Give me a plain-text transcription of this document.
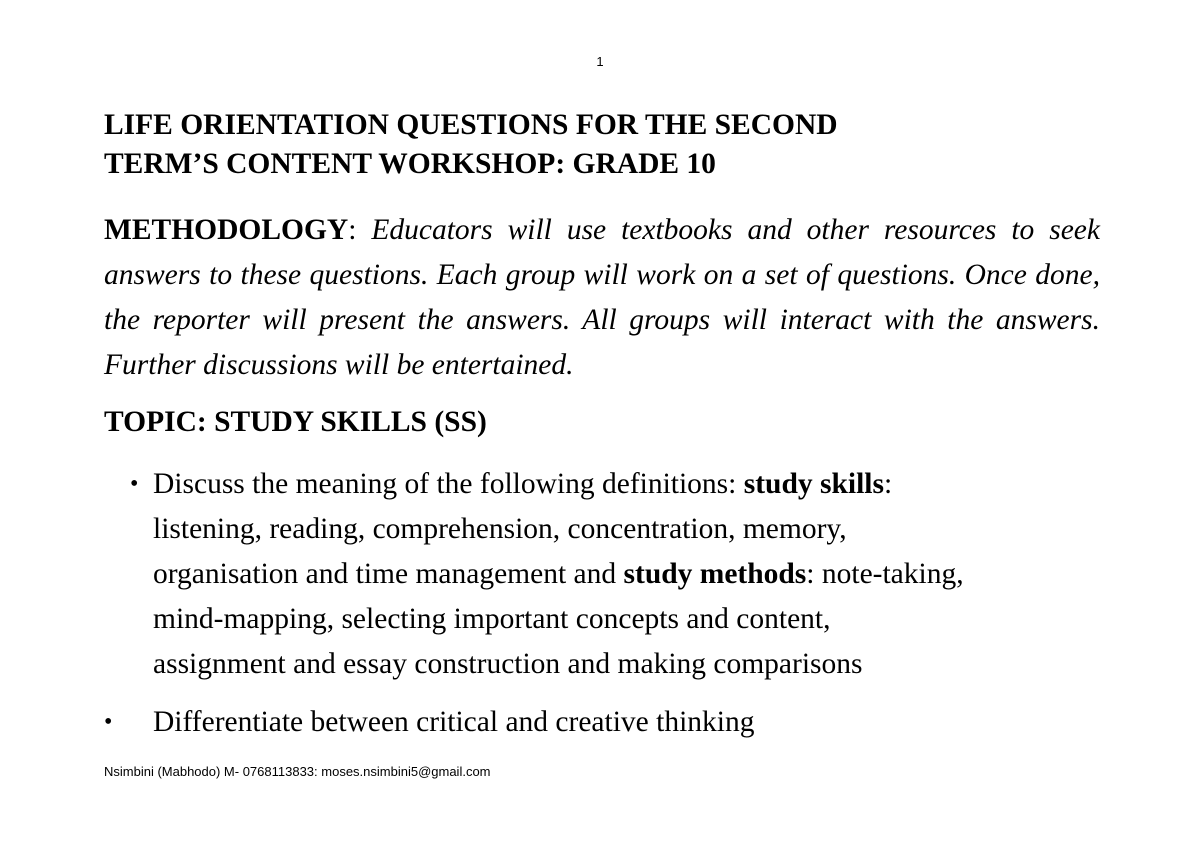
1
LIFE ORIENTATION QUESTIONS FOR THE SECOND
TERM’S CONTENT WORKSHOP: GRADE 10

METHODOLOGY: Educators will use textbooks and other resources to seek answers to these questions. Each group will work on a set of questions. Once done, the reporter will present the answers. All groups will interact with the answers. Further discussions will be entertained.

TOPIC: STUDY SKILLS (SS)
• Discuss the meaning of the following definitions: study skills:
listening, reading, comprehension, concentration, memory,
organisation and time management and study methods: note-taking,
mind-mapping, selecting important concepts and content,
assignment and essay construction and making comparisons
• Differentiate between critical and creative thinking
Nsimbini (Mabhodo) M- 0768113833: moses.nsimbini5@gmail.com
